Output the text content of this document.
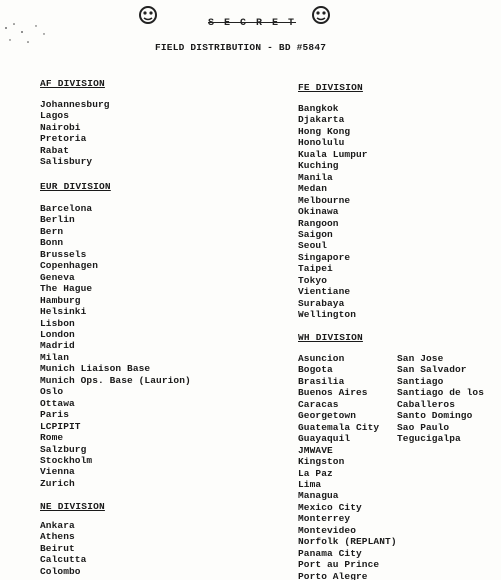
S E C R E T
FIELD DISTRIBUTION - BD #5847
AF DIVISION
Johannesburg
Lagos
Nairobi
Pretoria
Rabat
Salisbury
EUR DIVISION
Barcelona
Berlin
Bern
Bonn
Brussels
Copenhagen
Geneva
The Hague
Hamburg
Helsinki
Lisbon
London
Madrid
Milan
Munich Liaison Base
Munich Ops. Base (Laurion)
Oslo
Ottawa
Paris
LCPIPIT
Rome
Salzburg
Stockholm
Vienna
Zurich
NE DIVISION
Ankara
Athens
Beirut
Calcutta
Colombo
FE DIVISION
Bangkok
Djakarta
Hong Kong
Honolulu
Kuala Lumpur
Kuching
Manila
Medan
Melbourne
Okinawa
Rangoon
Saigon
Seoul
Singapore
Taipei
Tokyo
Vientiane
Surabaya
Wellington
WH DIVISION
Asuncion
Bogota
Brasilia
Buenos Aires
Caracas
Georgetown
Guatemala City
Guayaquil
JMWAVE
Kingston
La Paz
Lima
Managua
Mexico City
Monterrey
Montevideo
Norfolk (REPLANT)
Panama City
Port au Prince
Porto Alegre
San Jose
San Salvador
Santiago
Santiago de los
Caballeros
Santo Domingo
Sao Paulo
Tegucigalpa
